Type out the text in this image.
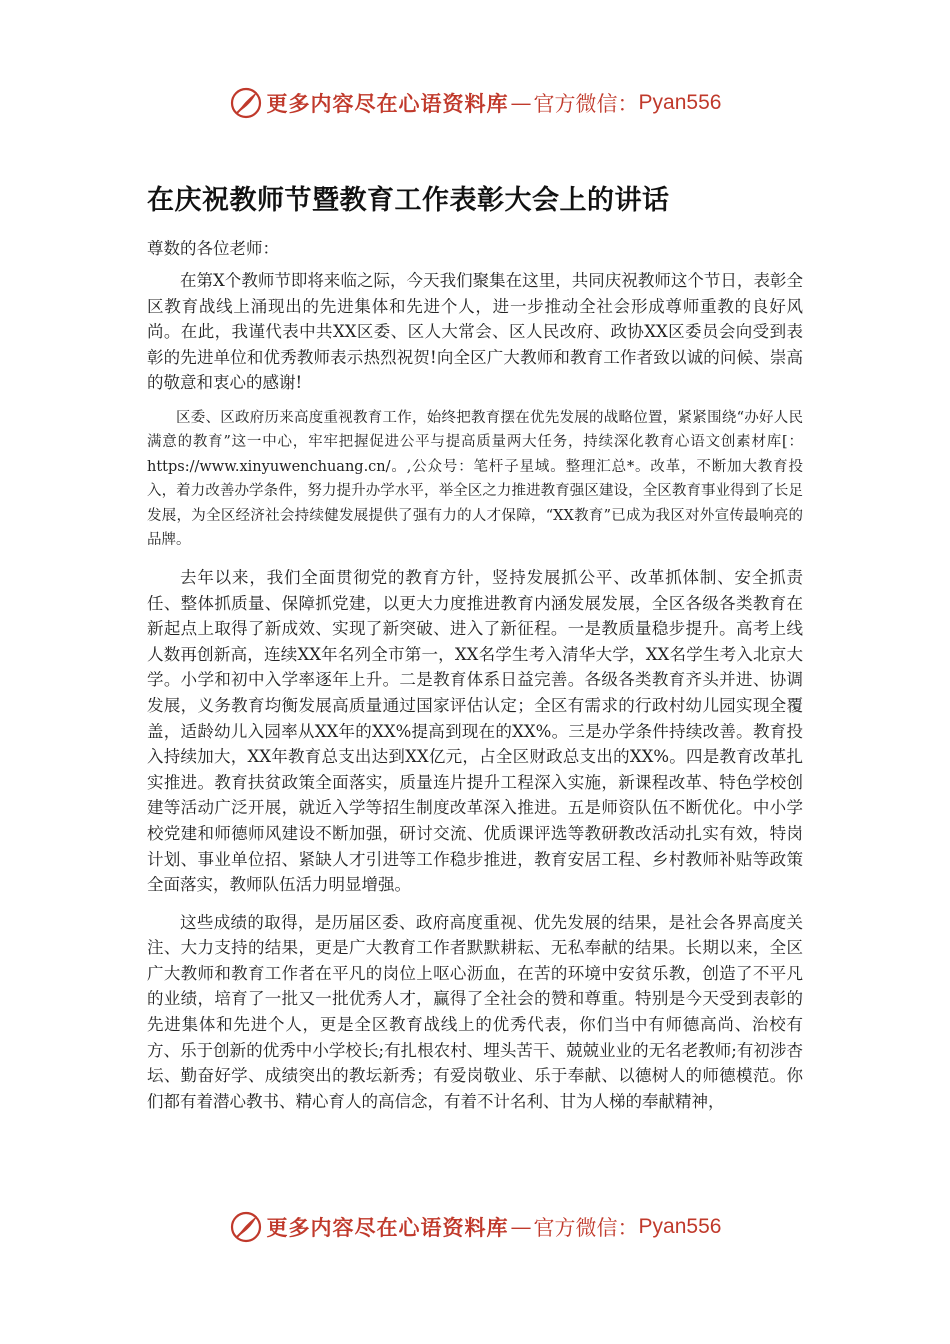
更多内容尽在心语资料库 — 官方微信： Pyan556
在庆祝教师节暨教育工作表彰大会上的讲话

尊数的各位老师：

在第X个教师节即将来临之际，今天我们聚集在这里，共同庆祝教师这个节日，表彰全区教育战线上涌现出的先进集体和先进个人，进一步推动全社会形成尊师重教的良好风尚。在此，我谨代表中共XX区委、区人大常会、区人民改府、政协XX区委员会向受到表彰的先进单位和优秀教师表示热烈祝贺!向全区广大教师和教育工作者致以诚的问候、崇高的敬意和衷心的感谢!

区委、区政府历来高度重视教育工作，始终把教育摆在优先发展的战略位置，紧紧围绕“办好人民满意的教育”这一中心，牢牢把握促进公平与提高质量两大任务，持续深化教育心语文创素材库[：https://www.xinyuwenchuang.cn/。,公众号：笔杆子星域。整理汇总*。改革，不断加大教育投入，着力改善办学条件，努力提升办学水平，举全区之力推进教育强区建设，全区教育事业得到了长足发展，为全区经济社会持续健发展提供了强有力的人才保障，“XX教育”已成为我区对外宣传最响亮的品牌。

去年以来，我们全面贯彻党的教育方针，竖持发展抓公平、改革抓体制、安全抓责任、整体抓质量、保障抓党建，以更大力度推进教育内涵发展发展，全区各级各类教育在新起点上取得了新成效、实现了新突破、进入了新征程。一是教质量稳步提升。高考上线人数再创新高，连续XX年名列全市第一，XX名学生考入清华大学，XX名学生考入北京大学。小学和初中入学率逐年上升。二是教育体系日益完善。各级各类教育齐头并进、协调发展，义务教育均衡发展高质量通过国家评估认定；全区有需求的行政村幼儿园实现全覆盖，适龄幼儿入园率从XX年的XX%提高到现在的XX%。三是办学条件持续改善。教育投入持续加大，XX年教育总支出达到XX亿元，占全区财政总支出的XX%。四是教育改革扎实推进。教育扶贫政策全面落实，质量连片提升工程深入实施，新课程改革、特色学校创建等活动广泛开展，就近入学等招生制度改革深入推进。五是师资队伍不断优化。中小学校党建和师德师风建设不断加强，研讨交流、优质课评选等教研教改活动扎实有效，特岗计划、事业单位招、紧缺人才引进等工作稳步推进，教育安居工程、乡村教师补贴等政策全面落实，教师队伍活力明显增强。

这些成绩的取得，是历届区委、政府高度重视、优先发展的结果，是社会各界高度关注、大力支持的结果，更是广大教育工作者默默耕耘、无私奉献的结果。长期以来，全区广大教师和教育工作者在平凡的岗位上呕心沥血，在苦的环境中安贫乐教，创造了不平凡的业绩，培育了一批又一批优秀人才，赢得了全社会的赞和尊重。特别是今天受到表彰的先进集体和先进个人，更是全区教育战线上的优秀代表，你们当中有师德高尚、治校有方、乐于创新的优秀中小学校长;有扎根农村、埋头苦干、兢兢业业的无名老教师;有初涉杏坛、勤奋好学、成绩突出的教坛新秀；有爱岗敬业、乐于奉献、以德树人的师德模范。你们都有着潜心教书、精心育人的高信念，有着不计名利、甘为人梯的奉献精神，

更多内容尽在心语资料库 — 官方微信： Pyan556
